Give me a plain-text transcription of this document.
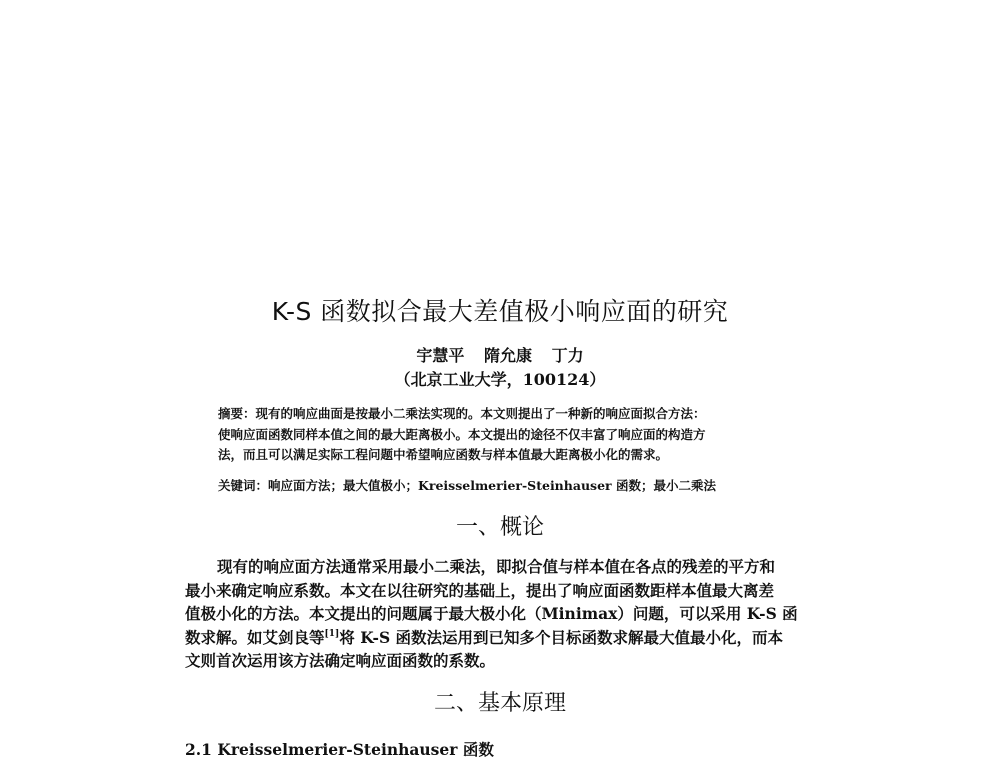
K-S 函数拟合最大差值极小响应面的研究
宇慧平 隋允康 丁力
（北京工业大学，100124）
摘要：现有的响应曲面是按最小二乘法实现的。本文则提出了一种新的响应面拟合方法：
使响应面函数同样本值之间的最大距离极小。本文提出的途径不仅丰富了响应面的构造方
法，而且可以满足实际工程问题中希望响应函数与样本值最大距离极小化的需求。
关键词：响应面方法；最大值极小；Kreisselmerier-Steinhauser 函数；最小二乘法
一、概论
现有的响应面方法通常采用最小二乘法，即拟合值与样本值在各点的残差的平方和
最小来确定响应系数。本文在以往研究的基础上，提出了响应面函数距样本值最大离差
值极小化的方法。本文提出的问题属于最大极小化（Minimax）问题，可以采用 K-S 函
数求解。如艾剑良等[1]将 K-S 函数法运用到已知多个目标函数求解最大值最小化，而本
文则首次运用该方法确定响应面函数的系数。
二、基本原理
2.1 Kreisselmerier-Steinhauser 函数
